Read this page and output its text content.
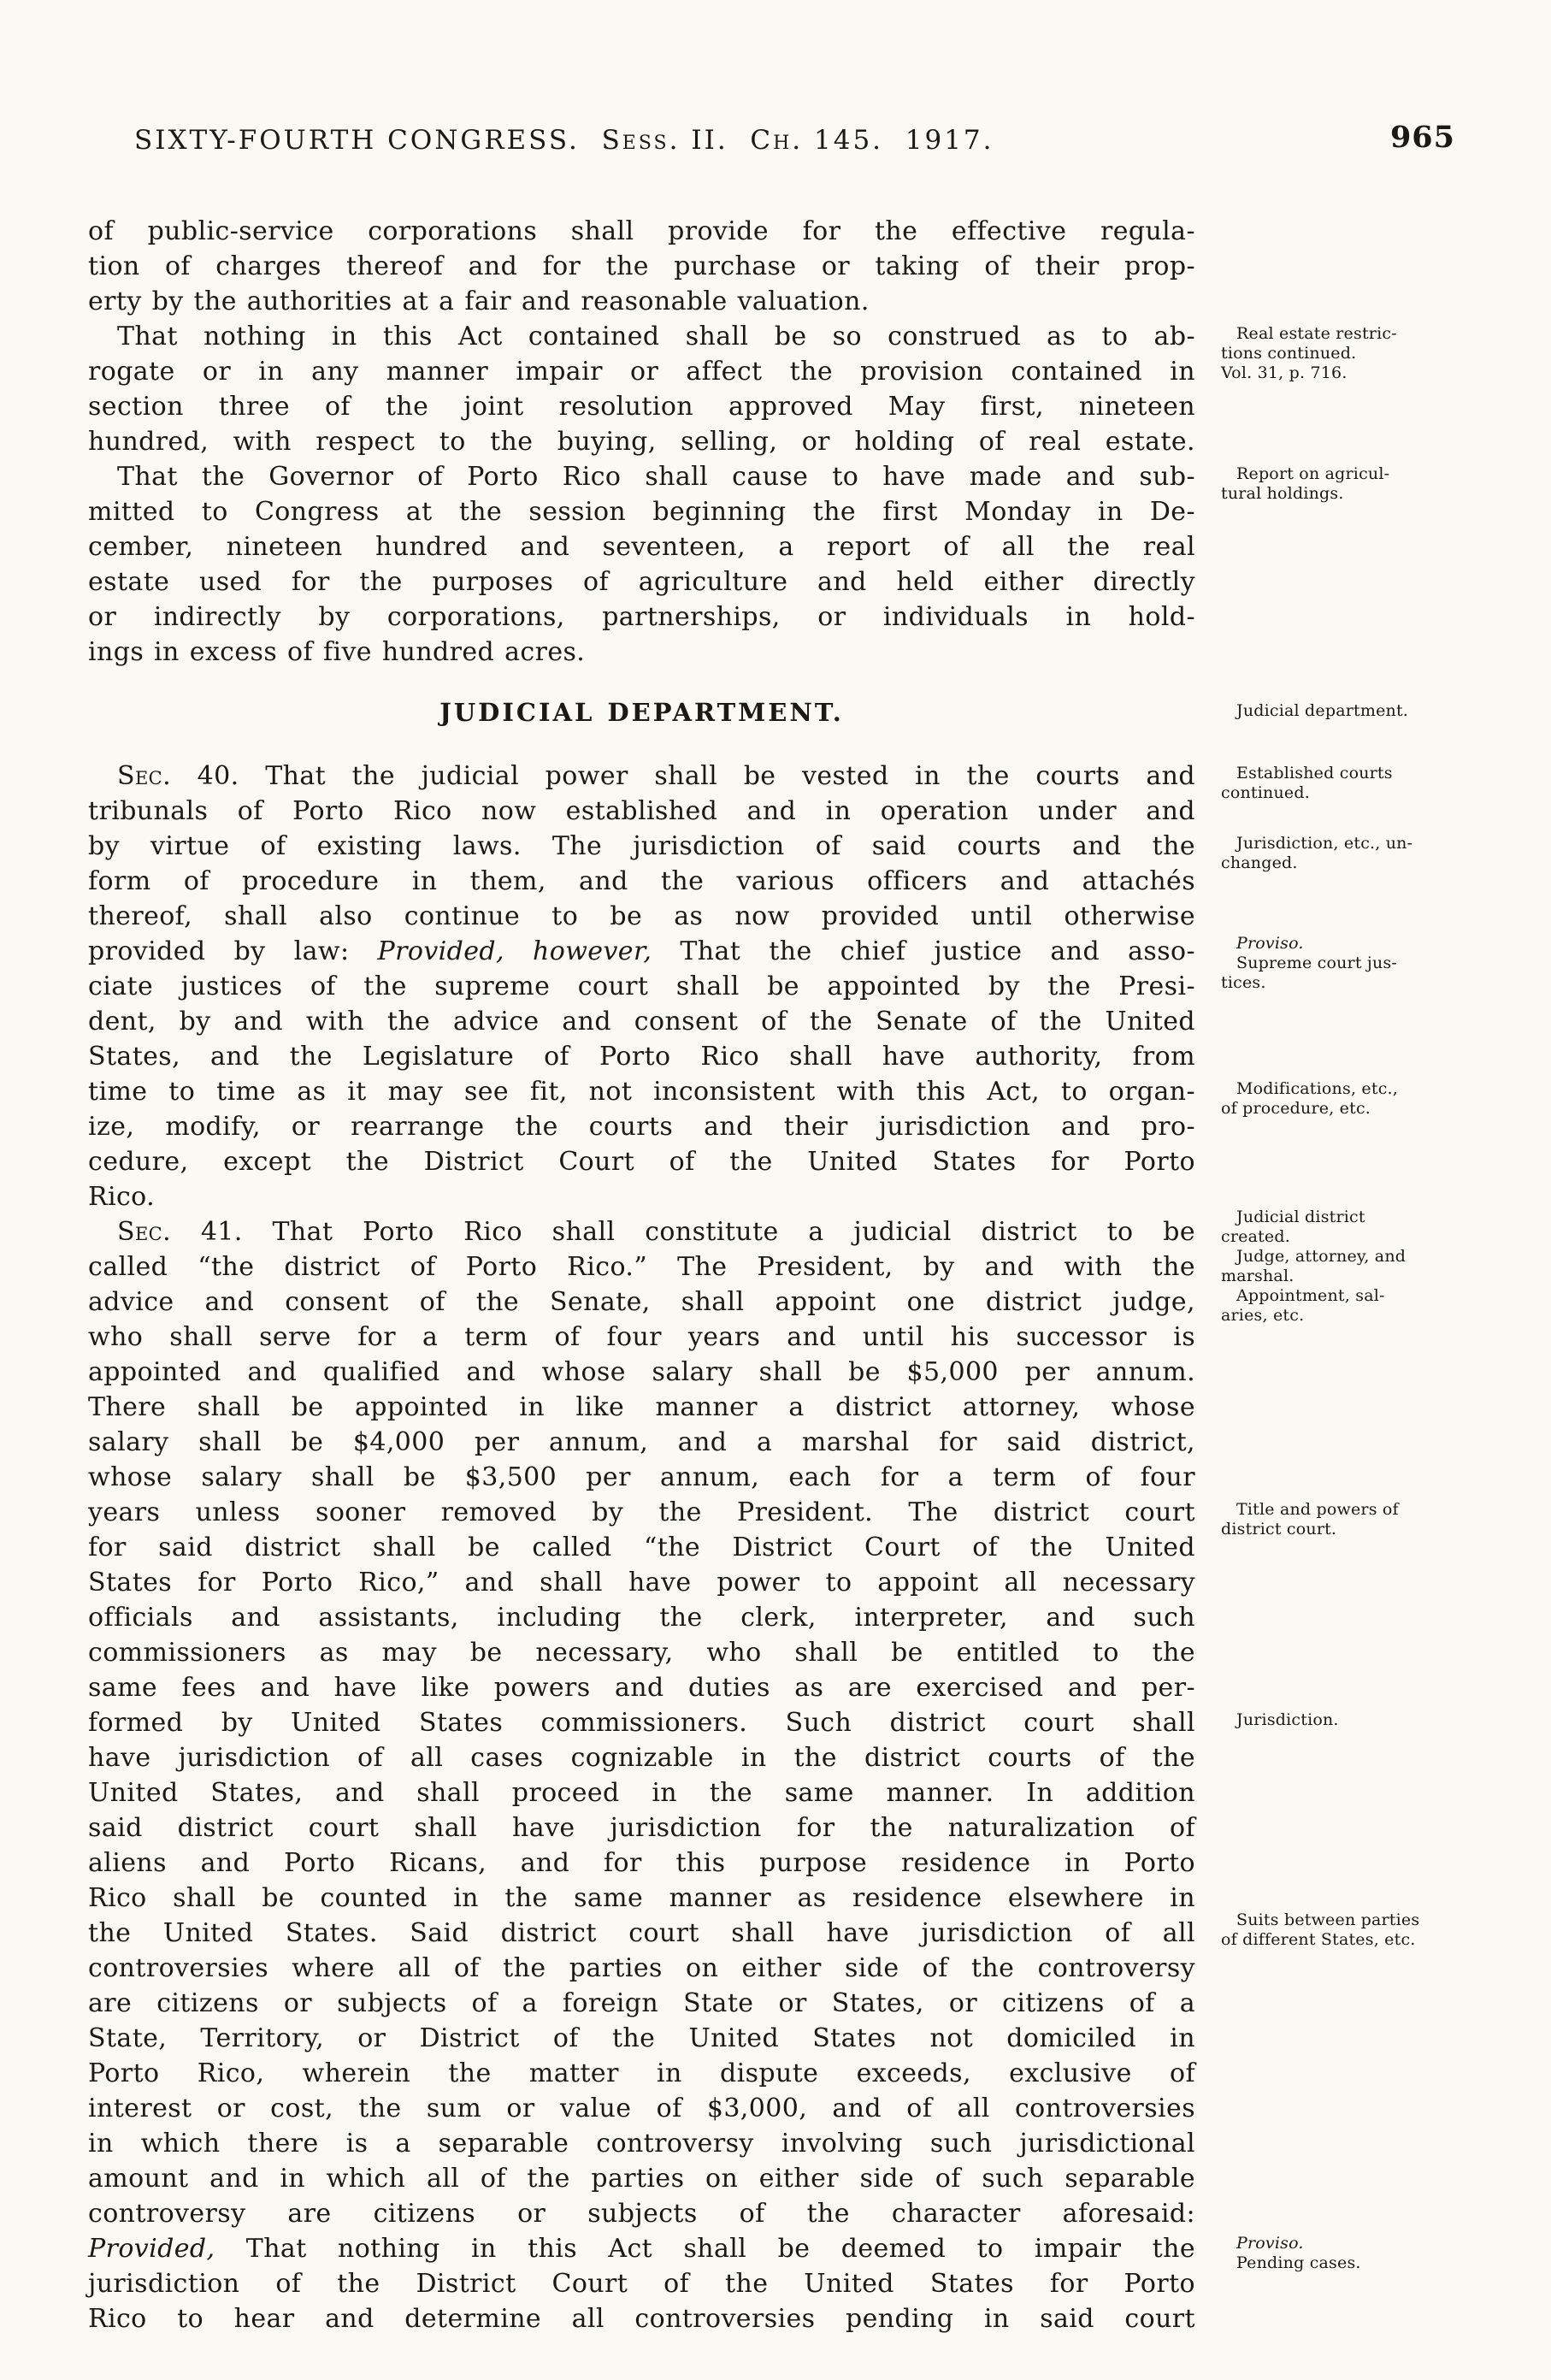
SIXTY-FOURTH CONGRESS.  Sess. II.  Ch. 145.  1917.	965
of public-service corporations shall provide for the effective regula-
tion of charges thereof and for the purchase or taking of their prop-
erty by the authorities at a fair and reasonable valuation.
That nothing in this Act contained shall be so construed as to ab-
rogate or in any manner impair or affect the provision contained in
section three of the joint resolution approved May first, nineteen
hundred, with respect to the buying, selling, or holding of real estate.
That the Governor of Porto Rico shall cause to have made and sub-
mitted to Congress at the session beginning the first Monday in De-
cember, nineteen hundred and seventeen, a report of all the real
estate used for the purposes of agriculture and held either directly
or indirectly by corporations, partnerships, or individuals in hold-
ings in excess of five hundred acres.
JUDICIAL DEPARTMENT.
Sec. 40. That the judicial power shall be vested in the courts and
tribunals of Porto Rico now established and in operation under and
by virtue of existing laws. The jurisdiction of said courts and the
form of procedure in them, and the various officers and attachés
thereof, shall also continue to be as now provided until otherwise
provided by law: Provided, however, That the chief justice and asso-
ciate justices of the supreme court shall be appointed by the Presi-
dent, by and with the advice and consent of the Senate of the United
States, and the Legislature of Porto Rico shall have authority, from
time to time as it may see fit, not inconsistent with this Act, to organ-
ize, modify, or rearrange the courts and their jurisdiction and pro-
cedure, except the District Court of the United States for Porto
Rico.
Sec. 41. That Porto Rico shall constitute a judicial district to be
called “the district of Porto Rico.” The President, by and with the
advice and consent of the Senate, shall appoint one district judge,
who shall serve for a term of four years and until his successor is
appointed and qualified and whose salary shall be $5,000 per annum.
There shall be appointed in like manner a district attorney, whose
salary shall be $4,000 per annum, and a marshal for said district,
whose salary shall be $3,500 per annum, each for a term of four
years unless sooner removed by the President. The district court
for said district shall be called “the District Court of the United
States for Porto Rico,” and shall have power to appoint all necessary
officials and assistants, including the clerk, interpreter, and such
commissioners as may be necessary, who shall be entitled to the
same fees and have like powers and duties as are exercised and per-
formed by United States commissioners. Such district court shall
have jurisdiction of all cases cognizable in the district courts of the
United States, and shall proceed in the same manner. In addition
said district court shall have jurisdiction for the naturalization of
aliens and Porto Ricans, and for this purpose residence in Porto
Rico shall be counted in the same manner as residence elsewhere in
the United States. Said district court shall have jurisdiction of all
controversies where all of the parties on either side of the controversy
are citizens or subjects of a foreign State or States, or citizens of a
State, Territory, or District of the United States not domiciled in
Porto Rico, wherein the matter in dispute exceeds, exclusive of
interest or cost, the sum or value of $3,000, and of all controversies
in which there is a separable controversy involving such jurisdictional
amount and in which all of the parties on either side of such separable
controversy are citizens or subjects of the character aforesaid:
Provided, That nothing in this Act shall be deemed to impair the
jurisdiction of the District Court of the United States for Porto
Rico to hear and determine all controversies pending in said court
Real estate restric-
tions continued.
Vol. 31, p. 716.
Report on agricul-
tural holdings.
Judicial department.
Established courts
continued.
Jurisdiction, etc., un-
changed.
Proviso.
Supreme court jus-
tices.
Modifications, etc.,
of procedure, etc.
Judicial district
created.
Judge, attorney, and
marshal.
Appointment, sal-
aries, etc.
Title and powers of
district court.
Jurisdiction.
Suits between parties
of different States, etc.
Proviso.
Pending cases.
